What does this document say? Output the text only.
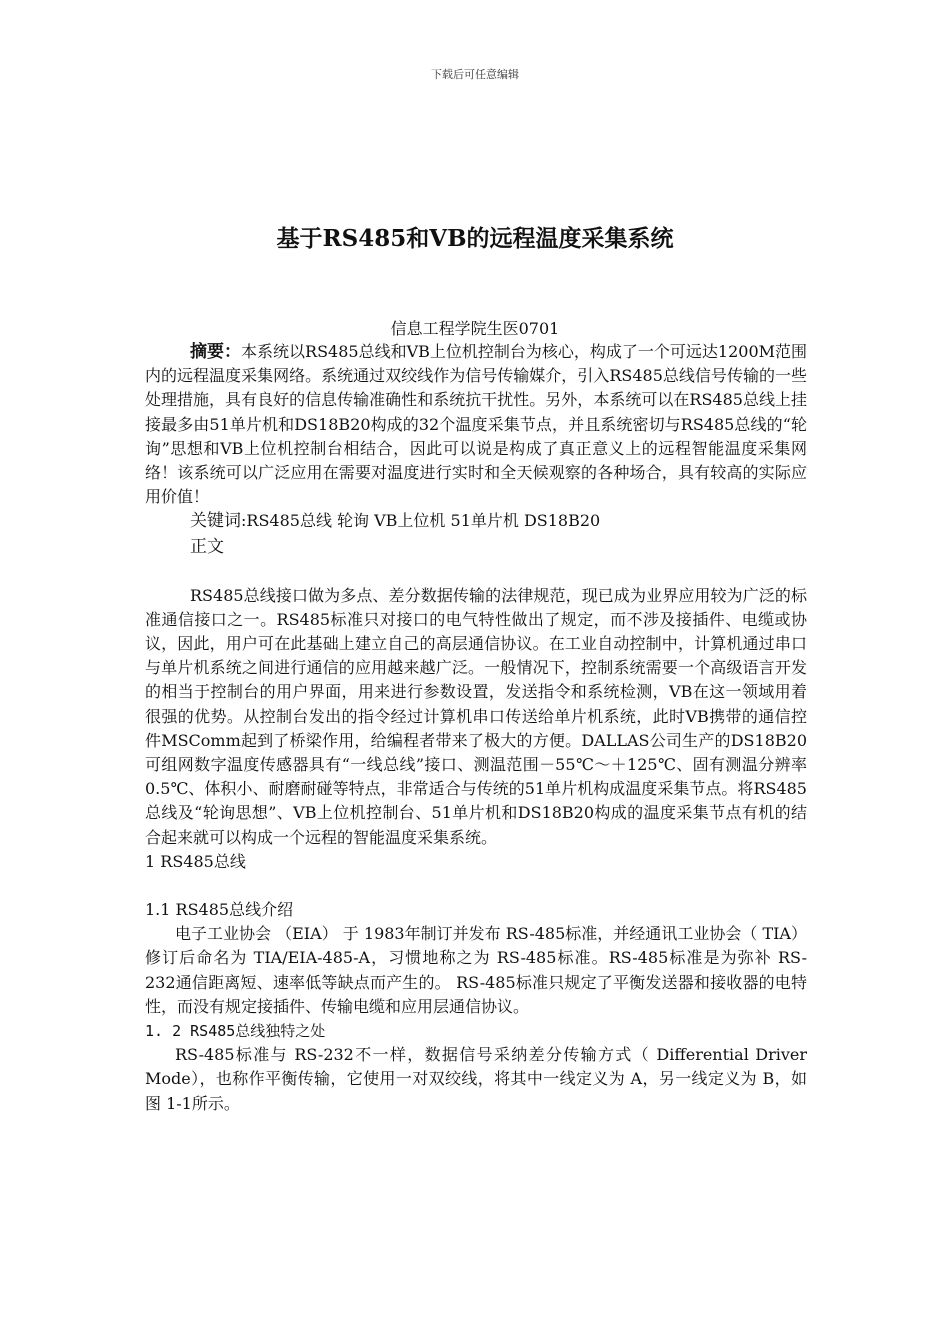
下载后可任意编辑
基于RS485和VB的远程温度采集系统
信息工程学院生医0701

摘要：本系统以RS485总线和VB上位机控制台为核心，构成了一个可远达1200M范围内的远程温度采集网络。系统通过双绞线作为信号传输媒介，引入RS485总线信号传输的一些处理措施，具有良好的信息传输准确性和系统抗干扰性。另外，本系统可以在RS485总线上挂接最多由51单片机和DS18B20构成的32个温度采集节点，并且系统密切与RS485总线的“轮询”思想和VB上位机控制台相结合，因此可以说是构成了真正意义上的远程智能温度采集网络！该系统可以广泛应用在需要对温度进行实时和全天候观察的各种场合，具有较高的实际应用价值！

关键词:RS485总线 轮询 VB上位机 51单片机 DS18B20

正文

RS485总线接口做为多点、差分数据传输的法律规范，现已成为业界应用较为广泛的标准通信接口之一。RS485标准只对接口的电气特性做出了规定，而不涉及接插件、电缆或协议，因此，用户可在此基础上建立自己的高层通信协议。在工业自动控制中，计算机通过串口与单片机系统之间进行通信的应用越来越广泛。一般情况下，控制系统需要一个高级语言开发的相当于控制台的用户界面，用来进行参数设置，发送指令和系统检测，VB在这一领域用着很强的优势。从控制台发出的指令经过计算机串口传送给单片机系统，此时VB携带的通信控件MSComm起到了桥梁作用，给编程者带来了极大的方便。DALLAS公司生产的DS18B20可组网数字温度传感器具有“一线总线”接口、测温范围－55℃～＋125℃、固有测温分辨率0.5℃、体积小、耐磨耐碰等特点，非常适合与传统的51单片机构成温度采集节点。将RS485总线及“轮询思想”、VB上位机控制台、51单片机和DS18B20构成的温度采集节点有机的结合起来就可以构成一个远程的智能温度采集系统。

1 RS485总线

1.1 RS485总线介绍

电子工业协会 （EIA） 于 1983年制订并发布 RS-485标准，并经通讯工业协会（ TIA）修订后命名为 TIA/EIA-485-A，习惯地称之为 RS-485标准。RS-485标准是为弥补 RS-232通信距离短、速率低等缺点而产生的。 RS-485标准只规定了平衡发送器和接收器的电特性，而没有规定接插件、传输电缆和应用层通信协议。

1. 2 RS485总线独特之处

RS-485标准与 RS-232不一样，数据信号采纳差分传输方式（ Differential Driver Mode），也称作平衡传输，它使用一对双绞线，将其中一线定义为 A，另一线定义为 B，如图 1-1所示。
